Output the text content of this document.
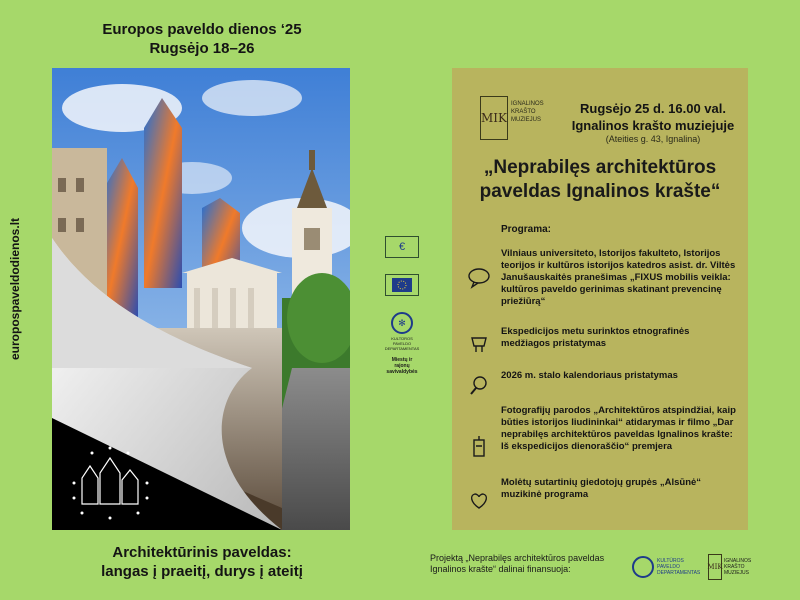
Europos paveldo dienos ‘25
Rugsėjo 18–26
europospaveldodienos.lt	€
✻
KULTŪROS PAVELDO DEPARTAMENTAS
Miestų ir rajonų savivaldybės
Architektūrinis paveldas:
langas į praeitį, durys į ateitį
MIK
IGNALINOS KRAŠTO MUZIEJUS
Rugsėjo 25 d. 16.00 val.
Ignalinos krašto muziejuje
(Ateities g. 43, Ignalina)
„Neprabilęs architektūros
paveldas Ignalinos krašte“
Programa:
Vilniaus universiteto, Istorijos fakulteto, Istorijos teorijos ir kultūros istorijos katedros asist. dr. Viltės Janušauskaitės pranešimas „FIXUS mobilis veikla: kultūros paveldo gerinimas skatinant prevencinę priežiūrą“
Ekspedicijos metu surinktos etnografinės medžiagos pristatymas
2026 m. stalo kalendoriaus pristatymas
Fotografijų parodos „Architektūros atspindžiai, kaip būties istorijos liudininkai“ atidarymas ir filmo „Dar neprabilęs architektūros paveldas Ignalinos krašte: Iš ekspedicijos dienoraščio“ premjera
Molėtų sutartinių giedotojų grupės „Alsūnė“ muzikinė programa
Projektą „Neprabilęs architektūros paveldas Ignalinos krašte“ dalinai finansuoja:
KULTŪROS PAVELDO DEPARTAMENTAS
MIK
IGNALINOS KRAŠTO MUZIEJUS
